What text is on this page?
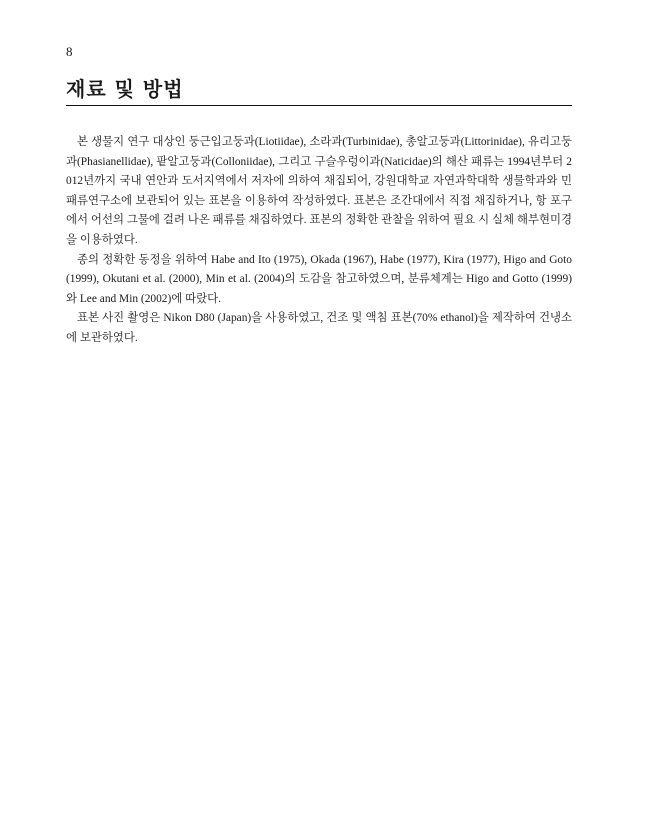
8
재료 및 방법

본 생물지 연구 대상인 둥근입고둥과(Liotiidae), 소라과(Turbinidae), 총알고둥과(Littorinidae), 유리고둥과(Phasianellidae), 팥알고둥과(Colloniidae), 그리고 구슬우렁이과(Naticidae)의 해산 패류는 1994년부터 2012년까지 국내 연안과 도서지역에서 저자에 의하여 채집되어, 강원대학교 자연과학대학 생물학과와 민 패류연구소에 보관되어 있는 표본을 이용하여 작성하였다. 표본은 조간대에서 직접 채집하거나, 항 포구에서 어선의 그물에 걸려 나온 패류를 채집하였다. 표본의 정확한 관찰을 위하여 필요 시 실체 해부현미경을 이용하였다.

종의 정확한 동정을 위하여 Habe and Ito (1975), Okada (1967), Habe (1977), Kira (1977), Higo and Goto (1999), Okutani et al. (2000), Min et al. (2004)의 도감을 참고하였으며, 분류체계는 Higo and Gotto (1999)와 Lee and Min (2002)에 따랐다.

표본 사진 촬영은 Nikon D80 (Japan)을 사용하였고, 건조 및 액침 표본(70% ethanol)을 제작하여 건냉소에 보관하였다.
